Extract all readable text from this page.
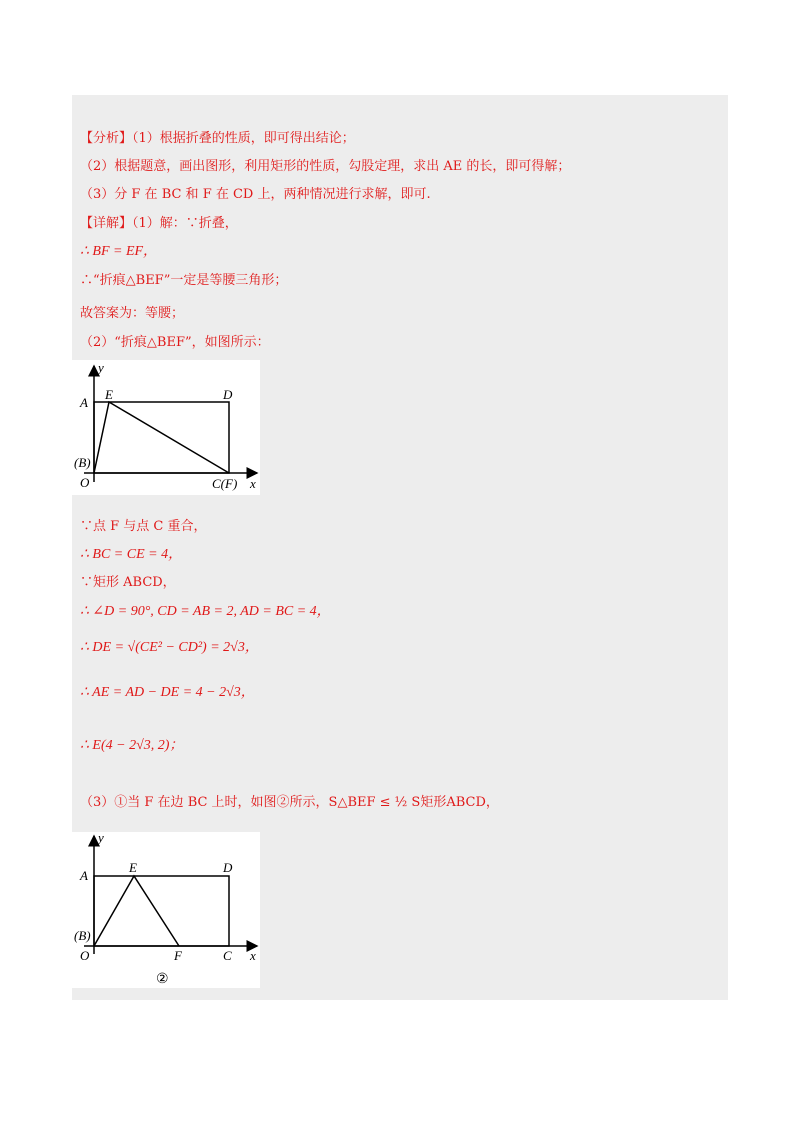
【分析】（1）根据折叠的性质，即可得出结论；
（2）根据题意，画出图形，利用矩形的性质，勾股定理，求出 AE 的长，即可得解；
（3）分 F 在 BC 和 F 在 CD 上，两种情况进行求解，即可.
【详解】（1）解：∵折叠，
∴ BF = EF，
∴“折痕△BEF”一定是等腰三角形；
故答案为：等腰；
（2）“折痕△BEF”，如图所示：
y
x
A
E	D
(B)
O	C(F)
∵点 F 与点 C 重合，
∴ BC = CE = 4，
∵矩形 ABCD，
∴ ∠D = 90°, CD = AB = 2, AD = BC = 4，
∴ DE = √(CE² − CD²) = 2√3，
∴ AE = AD − DE = 4 − 2√3，
∴ E(4 − 2√3, 2)；
（3）①当 F 在边 BC 上时，如图②所示，S△BEF ≤ ½ S矩形ABCD，
y
x
A
E	D
(B)
O	F	C
②
